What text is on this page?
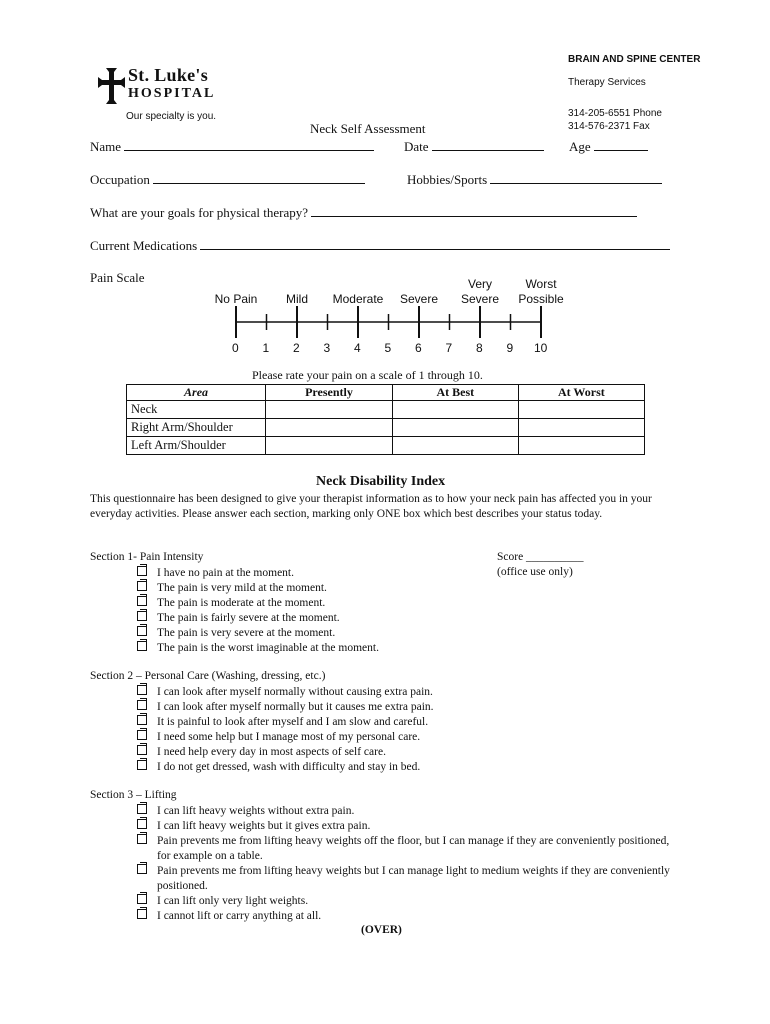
St. Luke's
HOSPITAL
Our specialty is you.
BRAIN AND SPINE CENTER
Therapy Services
314-205-6551 Phone
314-576-2371 Fax
Neck Self Assessment
Name	Date	Age
Occupation	Hobbies/Sports
What are your goals for physical therapy?
Current Medications
Pain Scale

No Pain
	Mild
	Moderate
	Severe
Very
Severe
Worst
Possible
0 1 2 3 4 5 6 7 8 9 10
Please rate your pain on a scale of 1 through 10.
Area	Presently	At Best	At Worst
Neck			
Right Arm/Shoulder			
Left Arm/Shoulder			
Neck Disability Index
This questionnaire has been designed to give your therapist information as to how your neck pain has affected you in your everyday activities. Please answer each section, marking only ONE box which best describes your status today.
Score __________
(office use only)
Section 1- Pain Intensity
I have no pain at the moment.
The pain is very mild at the moment.
The pain is moderate at the moment.
The pain is fairly severe at the moment.
The pain is very severe at the moment.
The pain is the worst imaginable at the moment.
Section 2 – Personal Care (Washing, dressing, etc.)
I can look after myself normally without causing extra pain.
I can look after myself normally but it causes me extra pain.
It is painful to look after myself and I am slow and careful.
I need some help but I manage most of my personal care.
I need help every day in most aspects of self care.
I do not get dressed, wash with difficulty and stay in bed.
Section 3 – Lifting
I can lift heavy weights without extra pain.
I can lift heavy weights but it gives extra pain.
Pain prevents me from lifting heavy weights off the floor, but I can manage if they are conveniently positioned, for example on a table.
Pain prevents me from lifting heavy weights but I can manage light to medium weights if they are conveniently positioned.
I can lift only very light weights.
I cannot lift or carry anything at all.
(OVER)
